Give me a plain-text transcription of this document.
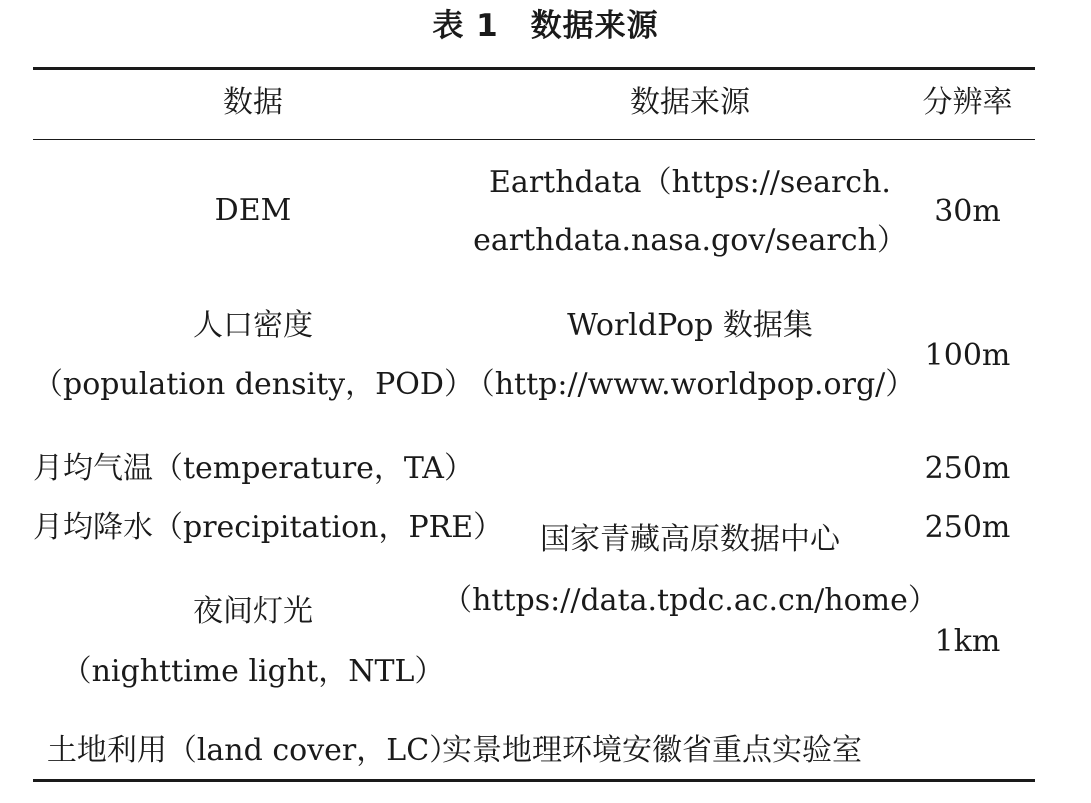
表 1　数据来源
数据	数据来源	分辨率
DEM
Earthdata（https://search.
earthdata.nasa.gov/search）
30m
人口密度
（population density，POD）
WorldPop 数据集
（http://www.worldpop.org/）
100m
月均气温（temperature，TA）
月均降水（precipitation，PRE）
夜间灯光
（nighttime light，NTL）
国家青藏高原数据中心
（https://data.tpdc.ac.cn/home）
250m
250m
1km
土地利用（land cover，LC）
实景地理环境安徽省重点实验室
